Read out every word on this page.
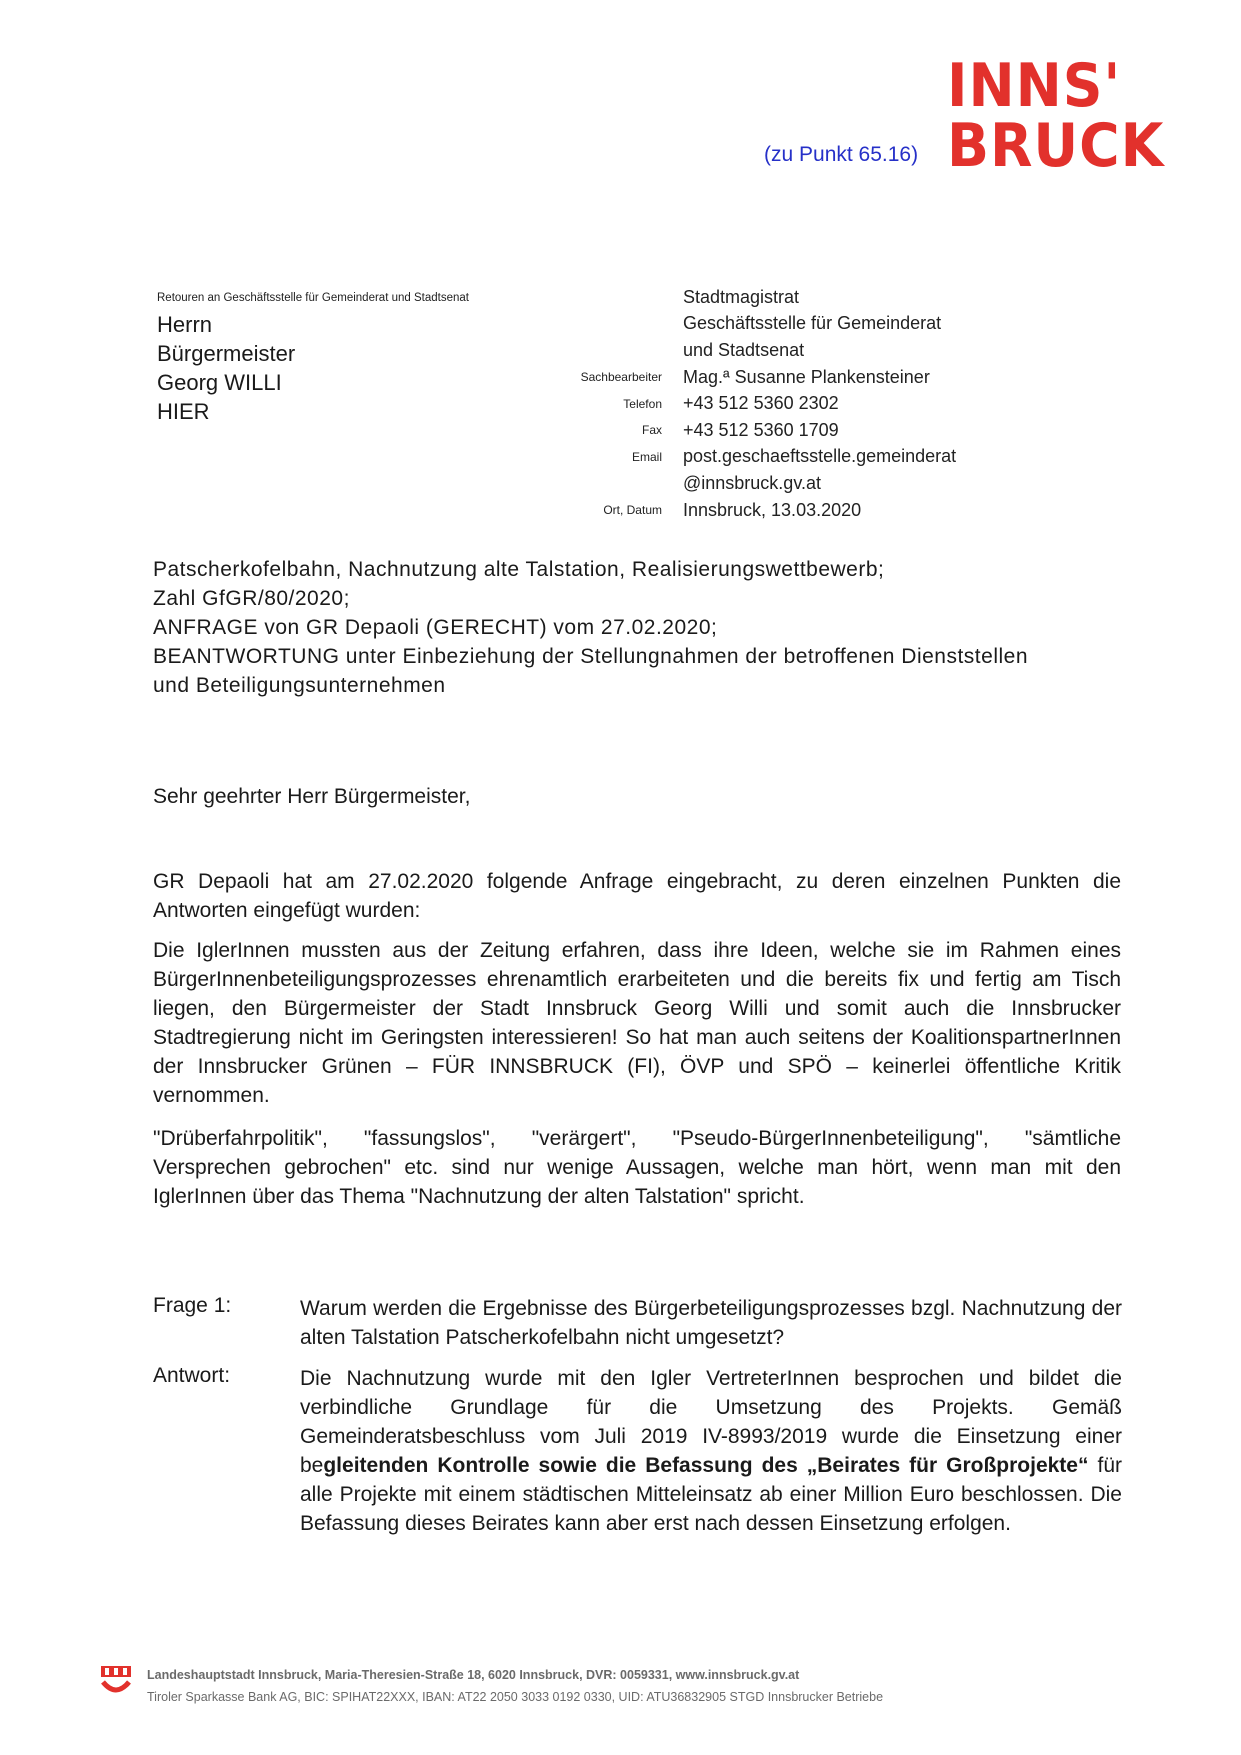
(zu Punkt 65.16)
INNS'
BRUCK
Retouren an Geschäftsstelle für Gemeinderat und Stadtsenat
Herrn
Bürgermeister
Georg WILLI
HIER
Sachbearbeiter
Telefon
Fax
Email
Ort, Datum
Stadtmagistrat
Geschäftsstelle für Gemeinderat
und Stadtsenat
Mag.ª Susanne Plankensteiner
+43 512 5360 2302
+43 512 5360 1709
post.geschaeftsstelle.gemeinderat
@innsbruck.gv.at
Innsbruck, 13.03.2020
Patscherkofelbahn, Nachnutzung alte Talstation, Realisierungswettbewerb;
Zahl GfGR/80/2020;
ANFRAGE von GR Depaoli (GERECHT) vom 27.02.2020;
BEANTWORTUNG unter Einbeziehung der Stellungnahmen der betroffenen Dienststellen
und Beteiligungsunternehmen
Sehr geehrter Herr Bürgermeister,
GR Depaoli hat am 27.02.2020 folgende Anfrage eingebracht, zu deren einzelnen Punkten die Antworten eingefügt wurden:
Die IglerInnen mussten aus der Zeitung erfahren, dass ihre Ideen, welche sie im Rahmen eines BürgerInnenbeteiligungsprozesses ehrenamtlich erarbeiteten und die bereits fix und fertig am Tisch liegen, den Bürgermeister der Stadt Innsbruck Georg Willi und somit auch die Innsbrucker Stadtregierung nicht im Geringsten interessieren! So hat man auch seitens der KoalitionspartnerInnen der Innsbrucker Grünen – FÜR INNSBRUCK (FI), ÖVP und SPÖ – keinerlei öffentliche Kritik vernommen.
"Drüberfahrpolitik", "fassungslos", "verärgert", "Pseudo-BürgerInnenbeteiligung", "sämtliche Versprechen gebrochen" etc. sind nur wenige Aussagen, welche man hört, wenn man mit den IglerInnen über das Thema "Nachnutzung der alten Talstation" spricht.
Frage 1:	Warum werden die Ergebnisse des Bürgerbeteiligungsprozesses bzgl. Nachnutzung der alten Talstation Patscherkofelbahn nicht umgesetzt?
Antwort:	Die Nachnutzung wurde mit den Igler VertreterInnen besprochen und bildet die verbindliche Grundlage für die Umsetzung des Projekts. Gemäß Gemeinderatsbeschluss vom Juli 2019 IV-8993/2019 wurde die Einsetzung einer begleitenden Kontrolle sowie die Befassung des „Beirates für Großprojekte“ für alle Projekte mit einem städtischen Mitteleinsatz ab einer Million Euro beschlossen. Die Befassung dieses Beirates kann aber erst nach dessen Einsetzung erfolgen.
Landeshauptstadt Innsbruck, Maria-Theresien-Straße 18, 6020 Innsbruck, DVR: 0059331, www.innsbruck.gv.at
Tiroler Sparkasse Bank AG, BIC: SPIHAT22XXX, IBAN: AT22 2050 3033 0192 0330, UID: ATU36832905 STGD Innsbrucker Betriebe
